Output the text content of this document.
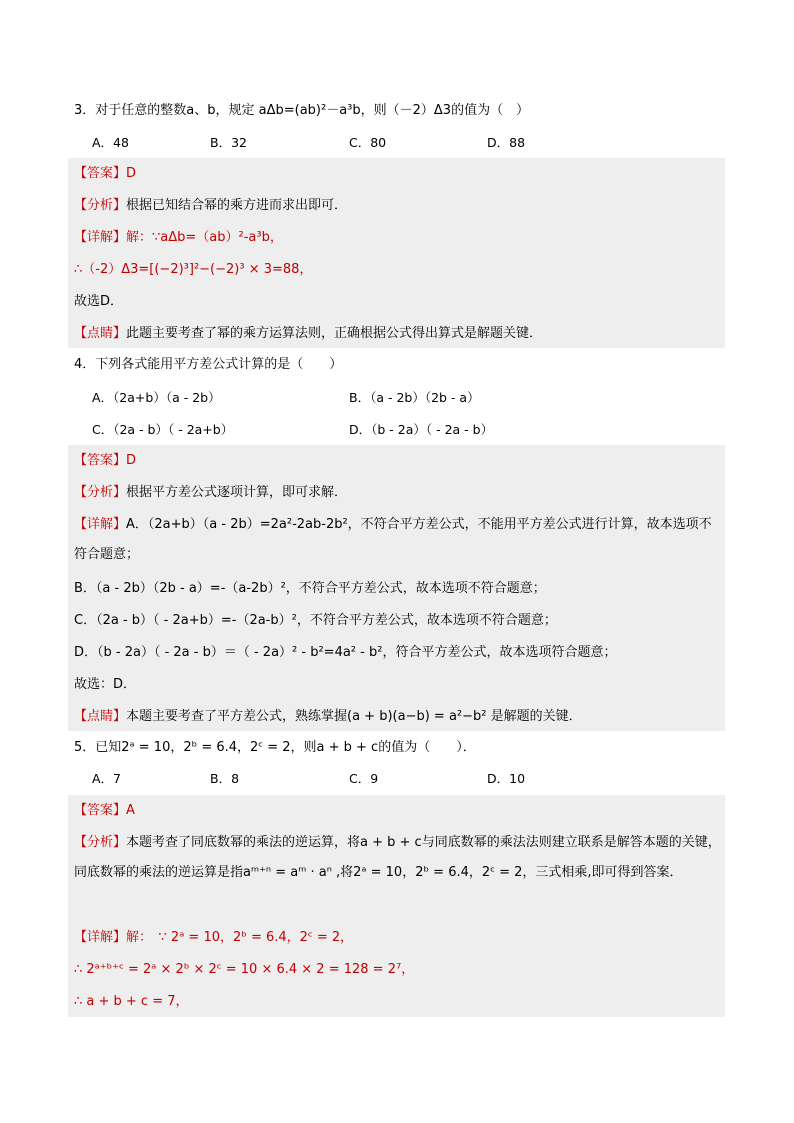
3．对于任意的整数a、b，规定 aΔb=(ab)²－a³b，则（－2）Δ3的值为（　）
A．48	B．32	C．80	D．88
【答案】D
【分析】根据已知结合幂的乘方进而求出即可．
【详解】解：∵aΔb=（ab）²-a³b，
∴（-2）Δ3=[(−2)³]²−(−2)³ × 3=88，
故选D．
【点睛】此题主要考查了幂的乘方运算法则，正确根据公式得出算式是解题关键．
4．下列各式能用平方差公式计算的是（　　）
A．（2a+b）（a - 2b）	B．（a - 2b）（2b - a）
C．（2a - b）（ - 2a+b）	D．（b - 2a）（ - 2a - b）
【答案】D
【分析】根据平方差公式逐项计算，即可求解．
【详解】A．（2a+b）（a - 2b）=2a²-2ab-2b²，不符合平方差公式，不能用平方差公式进行计算，故本选项不符合题意；
B．（a - 2b）（2b - a）=-（a-2b）²，不符合平方差公式，故本选项不符合题意；
C．（2a - b）（ - 2a+b）=-（2a-b）²，不符合平方差公式，故本选项不符合题意；
D．（b - 2a）（ - 2a - b）＝（ - 2a）² - b²=4a² - b²，符合平方差公式，故本选项符合题意；
故选：D．
【点睛】本题主要考查了平方差公式，熟练掌握(a + b)(a−b) = a²−b² 是解题的关键．
5．已知2ᵃ = 10，2ᵇ = 6.4，2ᶜ = 2，则a + b + c的值为（　　）．
A．7	B．8	C．9	D．10
【答案】A
【分析】本题考查了同底数幂的乘法的逆运算，将a + b + c与同底数幂的乘法法则建立联系是解答本题的关键，同底数幂的乘法的逆运算是指aᵐ⁺ⁿ = aᵐ · aⁿ ,将2ᵃ = 10，2ᵇ = 6.4，2ᶜ = 2，三式相乘,即可得到答案．
【详解】解：　∵ 2ᵃ = 10，2ᵇ = 6.4，2ᶜ = 2，
∴ 2ᵃ⁺ᵇ⁺ᶜ = 2ᵃ × 2ᵇ × 2ᶜ = 10 × 6.4 × 2 = 128 = 2⁷，
∴ a + b + c = 7，
